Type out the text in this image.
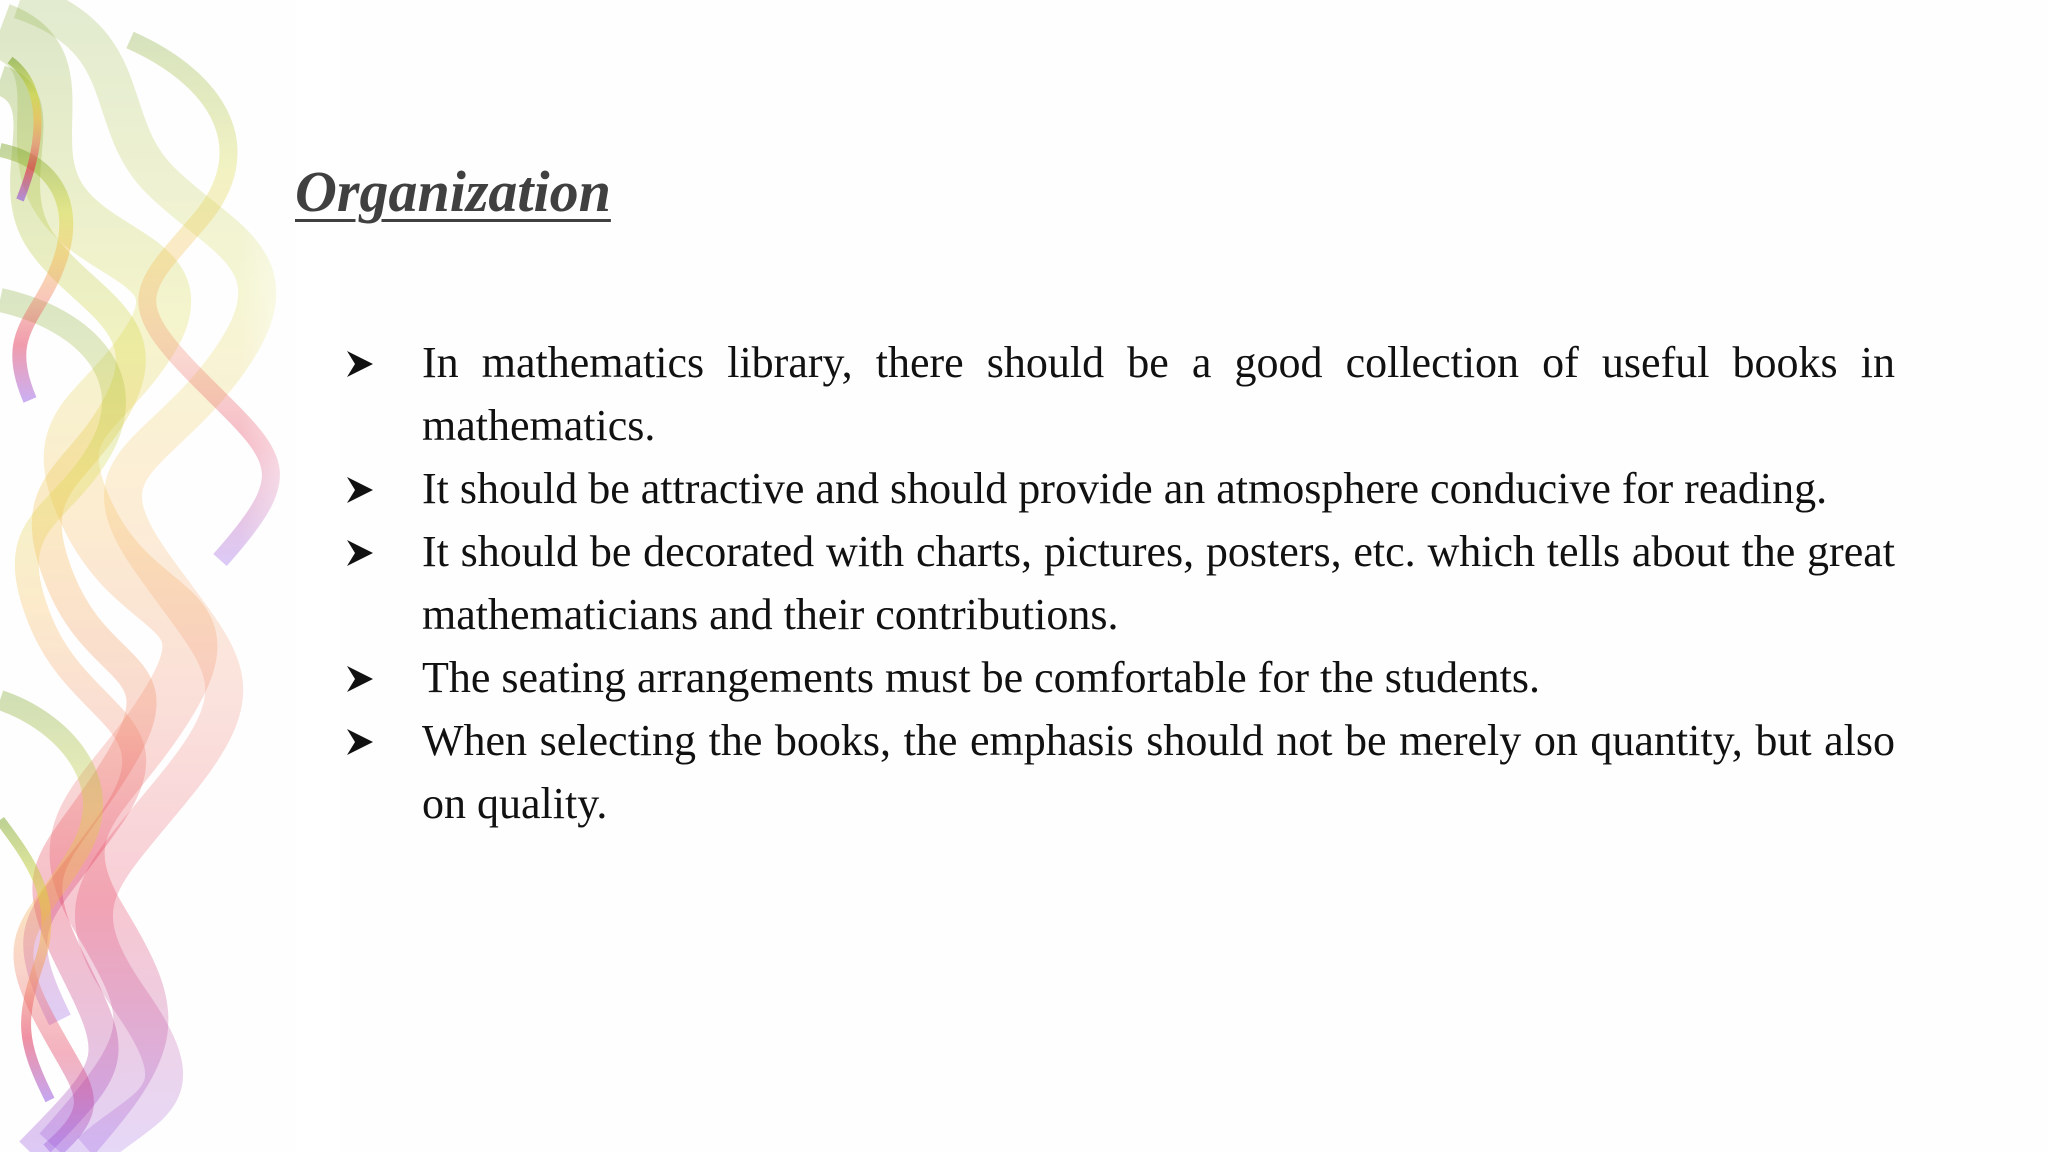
Organization
In mathematics library, there should be a good collection of useful books in mathematics.
It should be attractive and should provide an atmosphere conducive for reading.
It should be decorated with charts, pictures, posters, etc. which tells about the great mathematicians and their contributions.
The seating arrangements must be comfortable for the students.
When selecting the books, the emphasis should not be merely on quantity, but also on quality.
